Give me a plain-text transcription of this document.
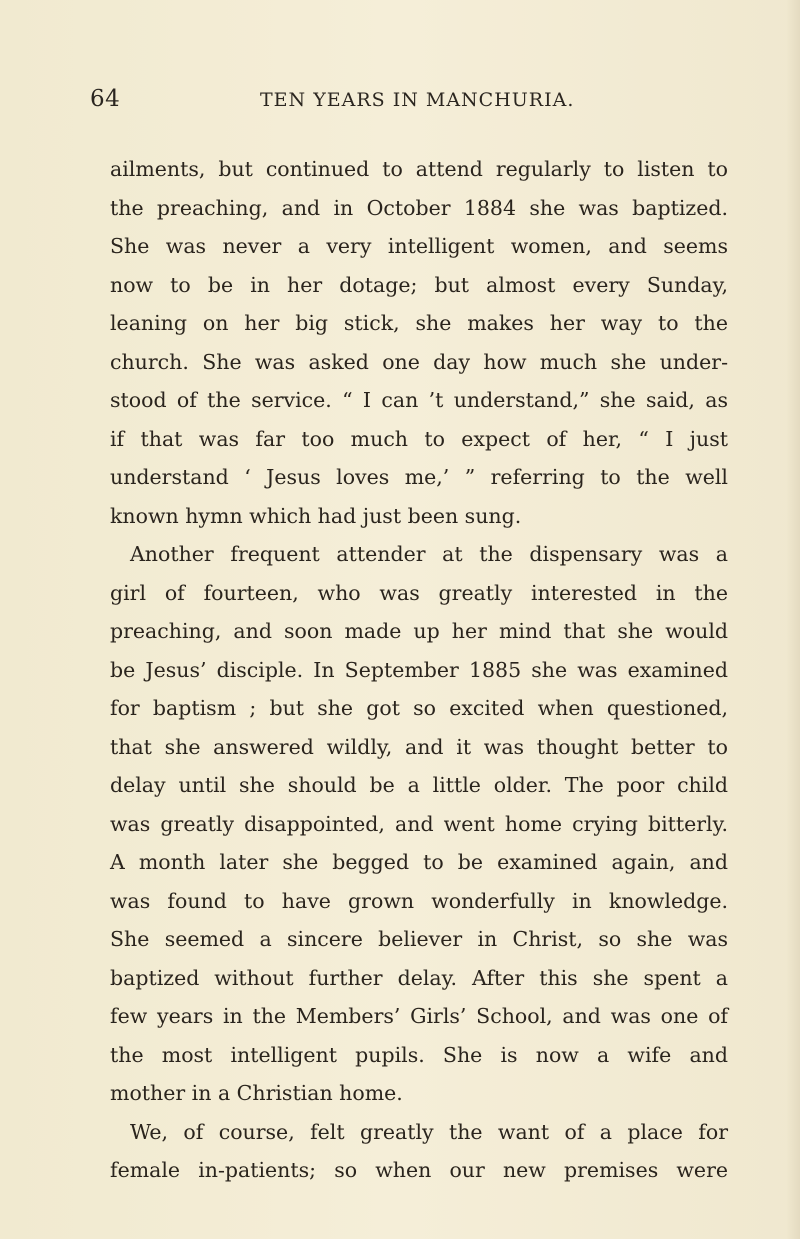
64	TEN YEARS IN MANCHURIA.
ailments, but continued to attend regularly to listen to
the preaching, and in October 1884 she was baptized.
She was never a very intelligent women, and seems
now to be in her dotage; but almost every Sunday,
leaning on her big stick, she makes her way to the
church. She was asked one day how much she under-
stood of the service. “ I can ’t understand,” she said, as
if that was far too much to expect of her, “ I just
understand ‘ Jesus loves me,’ ” referring to the well
known hymn which had just been sung.
Another frequent attender at the dispensary was a
girl of fourteen, who was greatly interested in the
preaching, and soon made up her mind that she would
be Jesus’ disciple. In September 1885 she was examined
for baptism ; but she got so excited when questioned,
that she answered wildly, and it was thought better to
delay until she should be a little older. The poor child
was greatly disappointed, and went home crying bitterly.
A month later she begged to be examined again, and
was found to have grown wonderfully in knowledge.
She seemed a sincere believer in Christ, so she was
baptized without further delay. After this she spent a
few years in the Members’ Girls’ School, and was one of
the most intelligent pupils. She is now a wife and
mother in a Christian home.
We, of course, felt greatly the want of a place for
female in-patients; so when our new premises were
